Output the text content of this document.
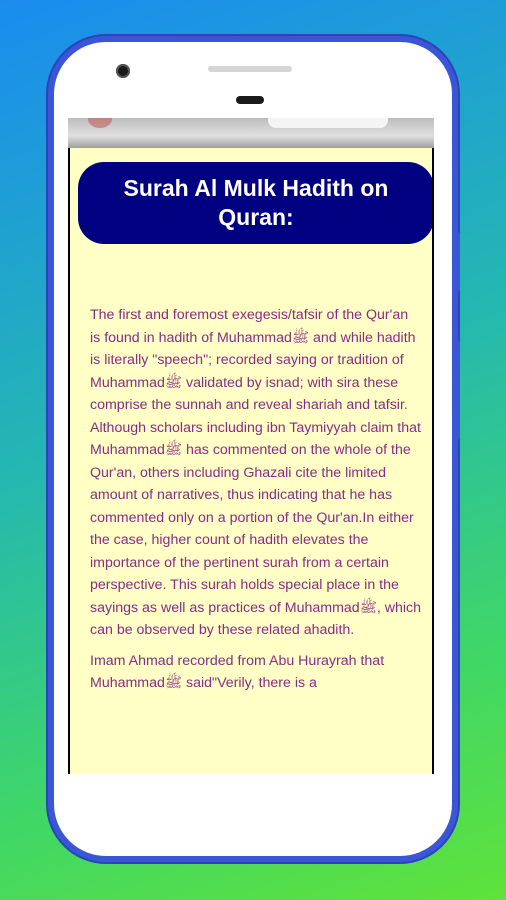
Surah Al Mulk Hadith on Quran:

The first and foremost exegesis/tafsir of the Qur'an is found in hadith of Muhammadﷺ and while hadith is literally "speech"; recorded saying or tradition of Muhammadﷺ validated by isnad; with sira these comprise the sunnah and reveal shariah and tafsir. Although scholars including ibn Taymiyyah claim that Muhammadﷺ has commented on the whole of the Qur'an, others including Ghazali cite the limited amount of narratives, thus indicating that he has commented only on a portion of the Qur'an.In either the case, higher count of hadith elevates the importance of the pertinent surah from a certain perspective. This surah holds special place in the sayings as well as practices of Muhammadﷺ, which can be observed by these related ahadith.

Imam Ahmad recorded from Abu Hurayrah that Muhammadﷺ said"Verily, there is a
